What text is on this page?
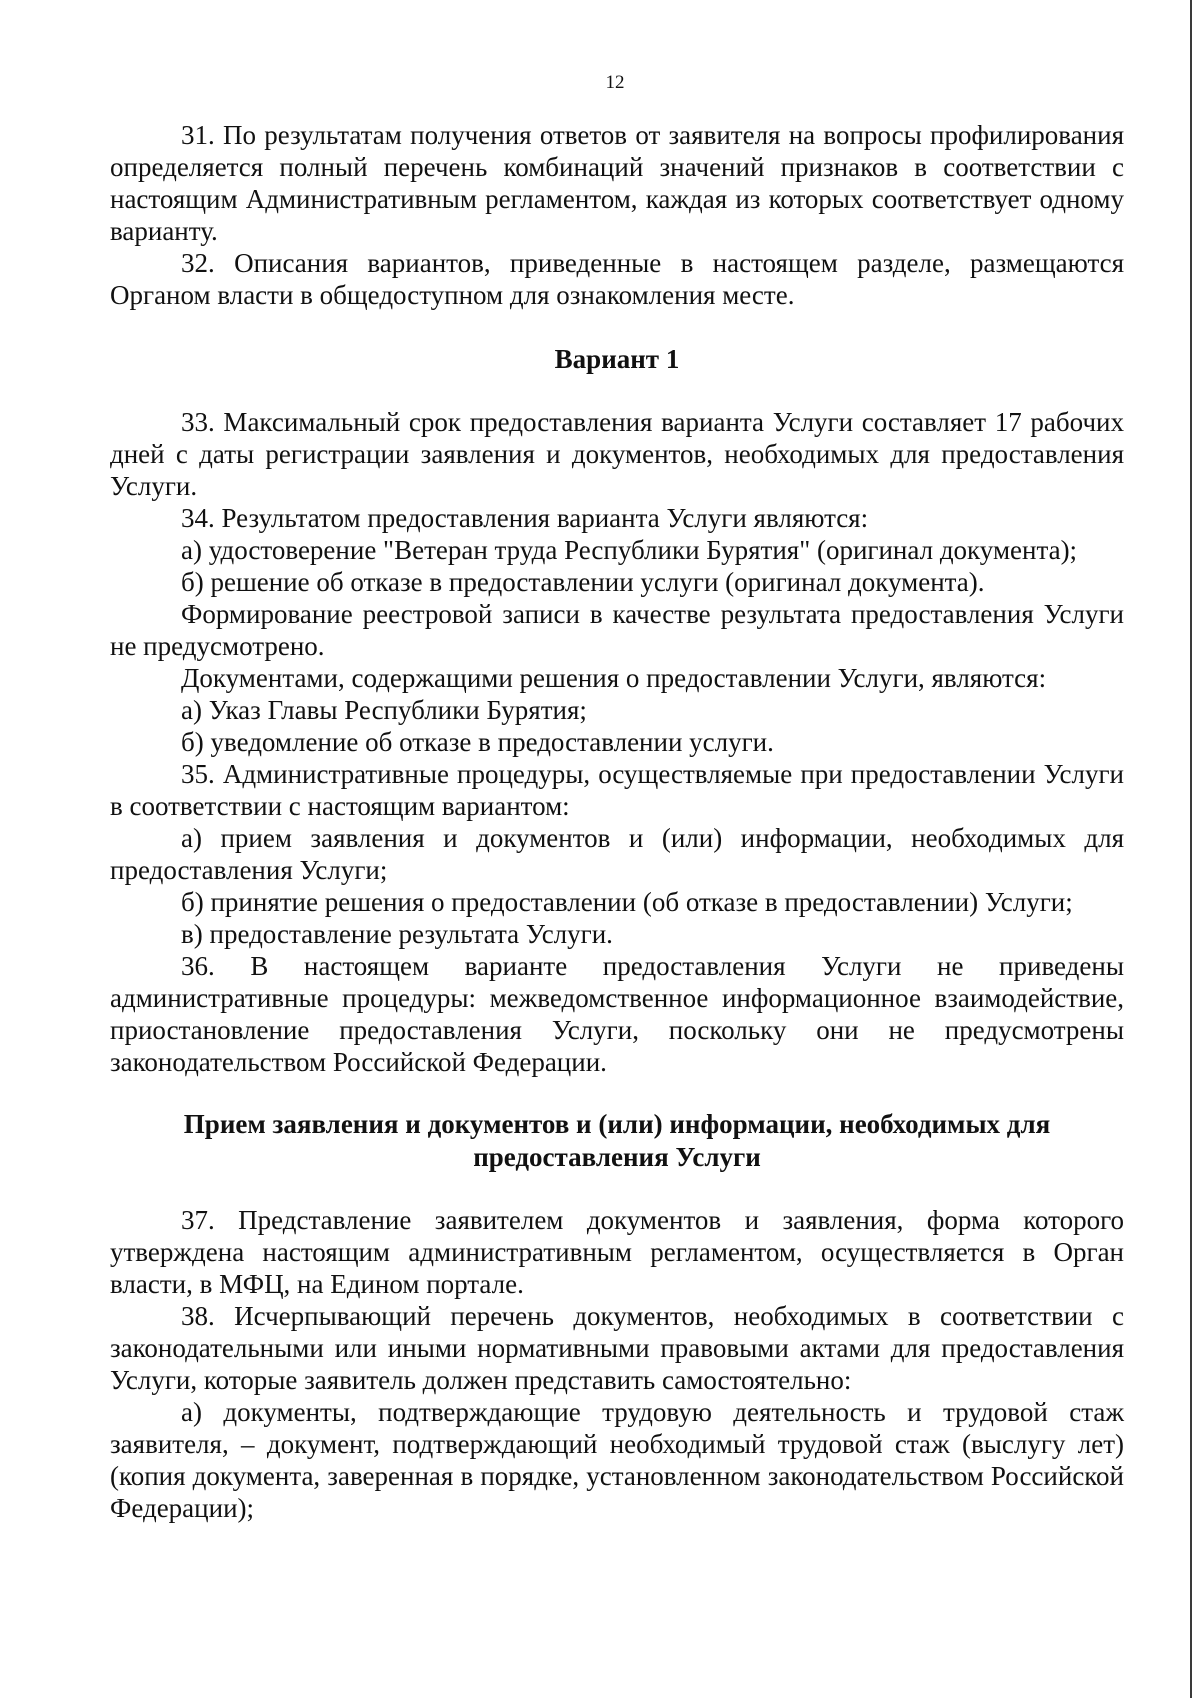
12

31. По результатам получения ответов от заявителя на вопросы профилирования определяется полный перечень комбинаций значений признаков в соответствии с настоящим Административным регламентом, каждая из которых соответствует одному варианту.

32. Описания вариантов, приведенные в настоящем разделе, размещаются Органом власти в общедоступном для ознакомления месте.

Вариант 1

33. Максимальный срок предоставления варианта Услуги составляет 17 рабочих дней с даты регистрации заявления и документов, необходимых для предоставления Услуги.

34. Результатом предоставления варианта Услуги являются:

а) удостоверение "Ветеран труда Республики Бурятия" (оригинал документа);

б) решение об отказе в предоставлении услуги (оригинал документа).

Формирование реестровой записи в качестве результата предоставления Услуги не предусмотрено.

Документами, содержащими решения о предоставлении Услуги, являются:

а) Указ Главы Республики Бурятия;

б) уведомление об отказе в предоставлении услуги.

35. Административные процедуры, осуществляемые при предоставлении Услуги в соответствии с настоящим вариантом:

а) прием заявления и документов и (или) информации, необходимых для предоставления Услуги;

б) принятие решения о предоставлении (об отказе в предоставлении) Услуги;

в) предоставление результата Услуги.

36. В настоящем варианте предоставления Услуги не приведены административные процедуры: межведомственное информационное взаимодействие, приостановление предоставления Услуги, поскольку они не предусмотрены законодательством Российской Федерации.

Прием заявления и документов и (или) информации, необходимых для
предоставления Услуги

37. Представление заявителем документов и заявления, форма которого утверждена настоящим административным регламентом, осуществляется в Орган власти, в МФЦ, на Едином портале.

38. Исчерпывающий перечень документов, необходимых в соответствии с законодательными или иными нормативными правовыми актами для предоставления Услуги, которые заявитель должен представить самостоятельно:

а) документы, подтверждающие трудовую деятельность и трудовой стаж заявителя, – документ, подтверждающий необходимый трудовой стаж (выслугу лет) (копия документа, заверенная в порядке, установленном законодательством Российской Федерации);
